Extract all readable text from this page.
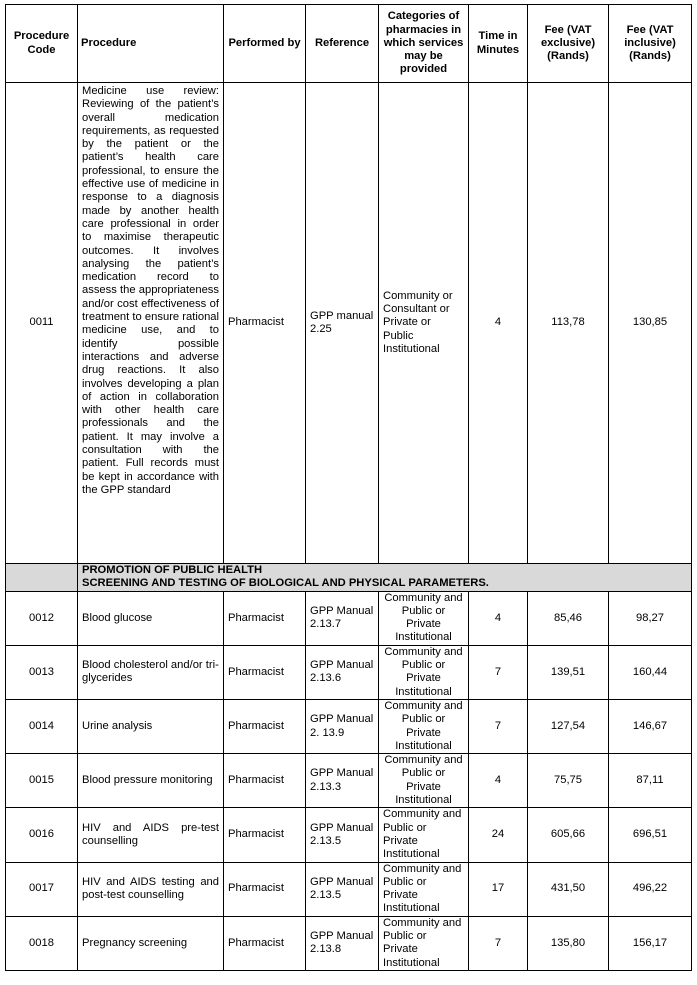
Procedure Code	Procedure	Performed by	Reference	Categories of pharmacies in which services may be provided	Time in Minutes	Fee (VAT exclusive) (Rands)	Fee (VAT inclusive) (Rands)
0011	Medicine use review: Reviewing of the patient’s overall medication requirements, as requested by the patient or the patient’s health care professional, to ensure the effective use of medicine in response to a diagnosis made by another health care professional in order to maximise therapeutic outcomes. It involves analysing the patient’s medication record to assess the appropriateness and/or cost effectiveness of treatment to ensure rational medicine use, and to identify possible interactions and adverse drug reactions. It also involves developing a plan of action in collaboration with other health care professionals and the patient. It may involve a consultation with the patient. Full records must be kept in accordance with the GPP standard	Pharmacist	GPP manual 2.25	Community or Consultant or Private or Public Institutional	4	113,78	130,85

	PROMOTION OF PUBLIC HEALTH
SCREENING AND TESTING OF BIOLOGICAL AND PHYSICAL PARAMETERS.						

0012	Blood glucose	Pharmacist	GPP Manual 2.13.7	Community and Public or Private Institutional	4	85,46	98,27
0013	Blood cholesterol and/or tri-glycerides	Pharmacist	GPP Manual 2.13.6	Community and Public or Private Institutional	7	139,51	160,44
0014	Urine analysis	Pharmacist	GPP Manual 2. 13.9	Community and Public or Private Institutional	7	127,54	146,67
0015	Blood pressure monitoring	Pharmacist	GPP Manual 2.13.3	Community and Public or Private Institutional	4	75,75	87,11
0016	HIV and AIDS pre-test counselling	Pharmacist	GPP Manual 2.13.5	Community and Public or Private Institutional	24	605,66	696,51
0017	HIV and AIDS testing and post-test counselling	Pharmacist	GPP Manual 2.13.5	Community and Public or Private Institutional	17	431,50	496,22
0018	Pregnancy screening	Pharmacist	GPP Manual 2.13.8	Community and Public or Private Institutional	7	135,80	156,17
